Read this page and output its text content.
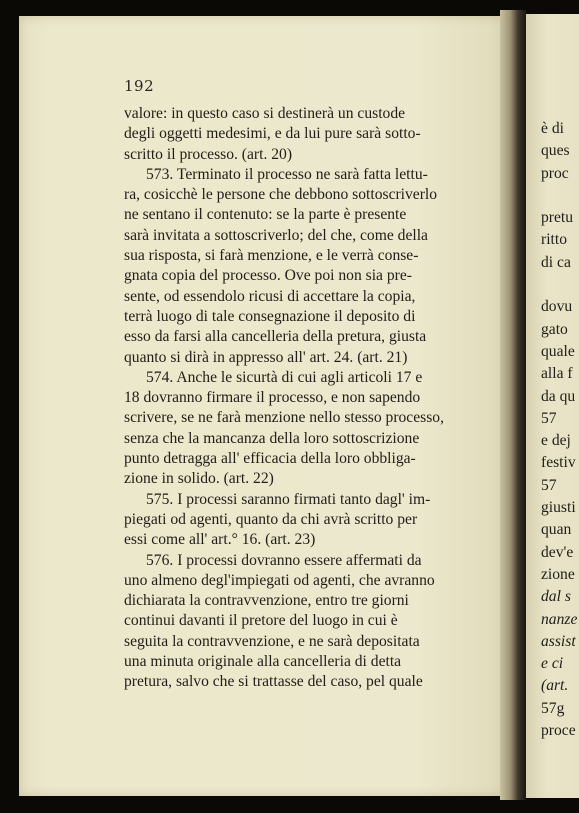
è di
ques
proc
pretu
ritto
di ca
dovu
gato
quale
alla f
da qu
57
e dej
festiv
57
giusti
quan
dev'e
zione
dal s
nanze
assist
e ci
(art.
57g
proce
192
valore: in questo caso si destinerà un custode
degli oggetti medesimi, e da lui pure sarà sotto-
scritto il processo. (art. 20)
573. Terminato il processo ne sarà fatta lettu-
ra, cosicchè le persone che debbono sottoscriverlo
ne sentano il contenuto: se la parte è presente
sarà invitata a sottoscriverlo; del che, come della
sua risposta, si farà menzione, e le verrà conse-
gnata copia del processo. Ove poi non sia pre-
sente, od essendolo ricusi di accettare la copia,
terrà luogo di tale consegnazione il deposito di
esso da farsi alla cancelleria della pretura, giusta
quanto si dirà in appresso all' art. 24. (art. 21)
574. Anche le sicurtà di cui agli articoli 17 e
18 dovranno firmare il processo, e non sapendo
scrivere, se ne farà menzione nello stesso processo,
senza che la mancanza della loro sottoscrizione
punto detragga all' efficacia della loro obbliga-
zione in solido. (art. 22)
575. I processi saranno firmati tanto dagl' im-
piegati od agenti, quanto da chi avrà scritto per
essi come all' art.° 16. (art. 23)
576. I processi dovranno essere affermati da
uno almeno degl'impiegati od agenti, che avranno
dichiarata la contravvenzione, entro tre giorni
continui davanti il pretore del luogo in cui è
seguita la contravvenzione, e ne sarà depositata
una minuta originale alla cancelleria di detta
pretura, salvo che si trattasse del caso, pel quale
